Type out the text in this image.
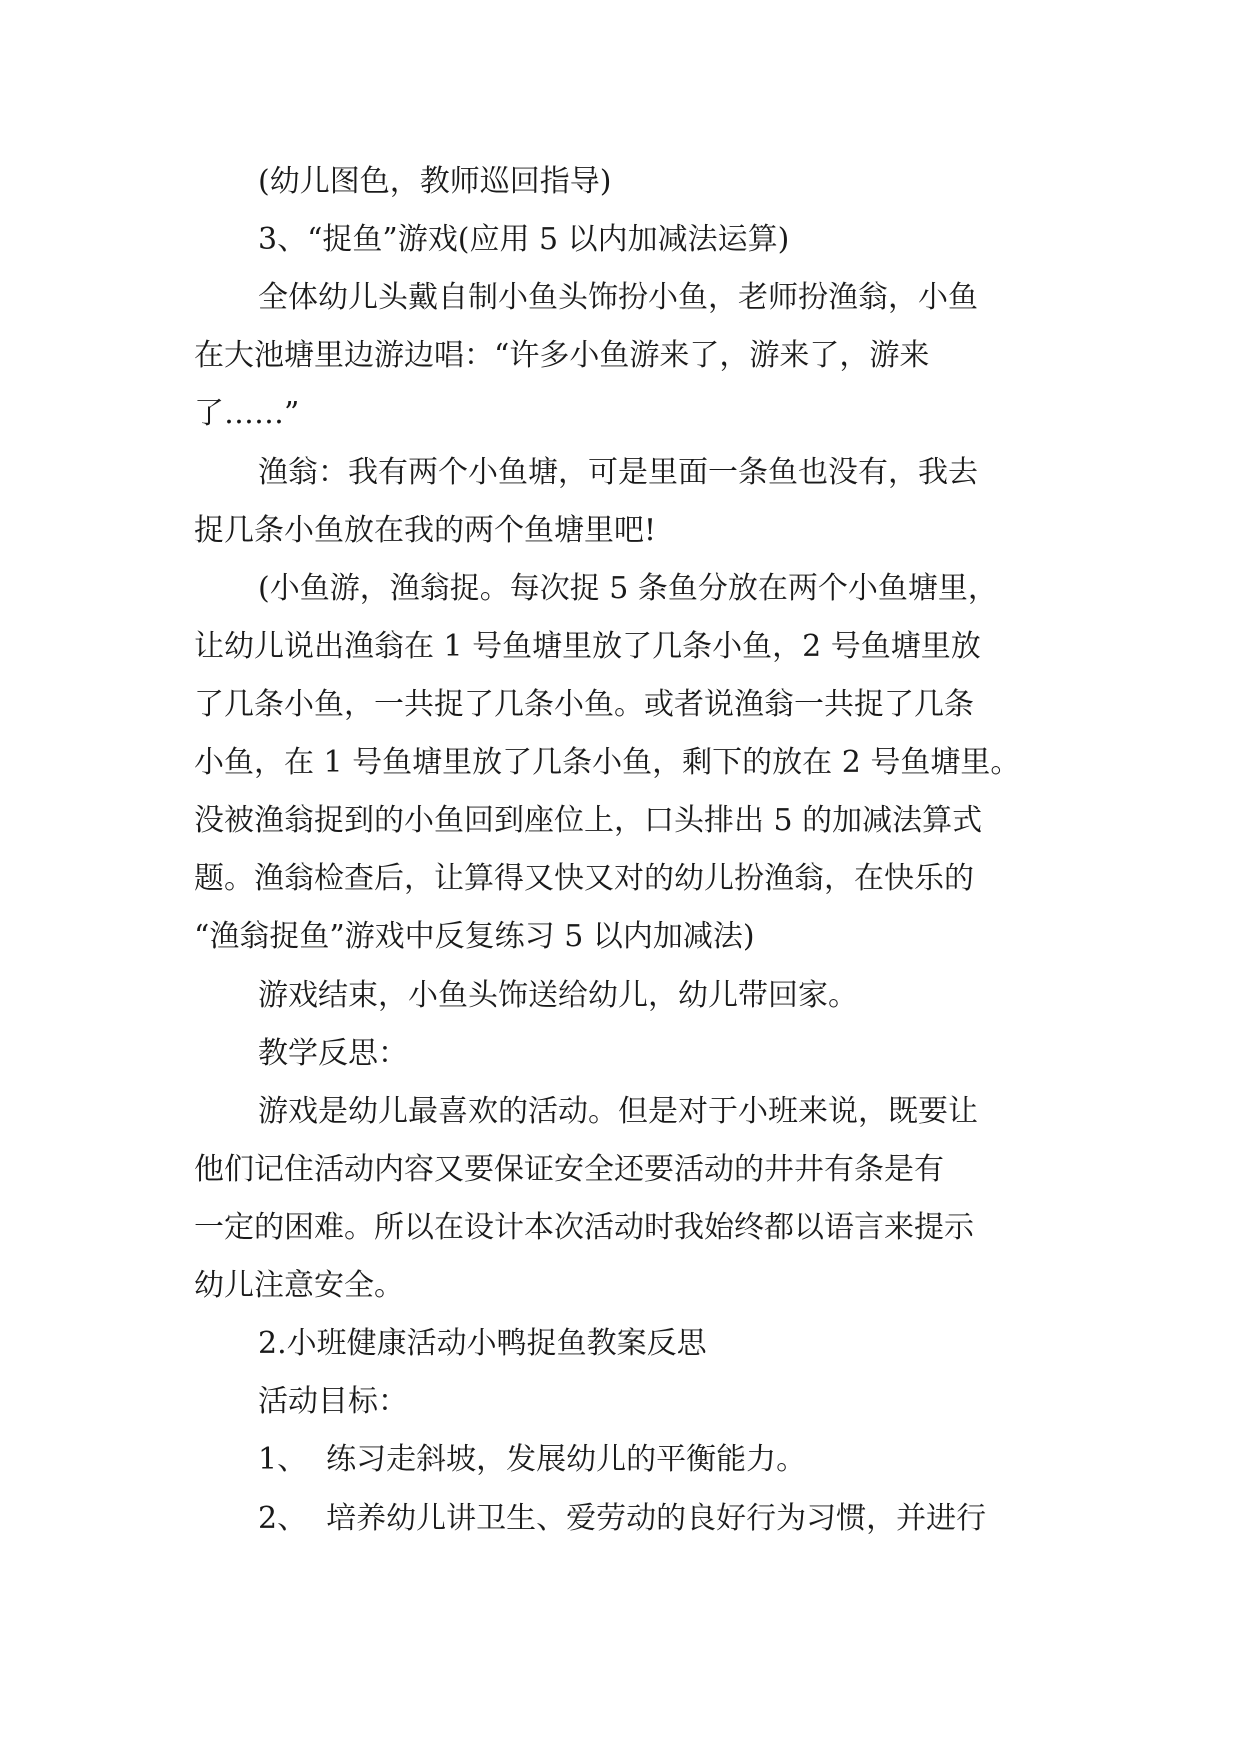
(幼儿图色，教师巡回指导)
3、“捉鱼”游戏(应用 5 以内加减法运算)
全体幼儿头戴自制小鱼头饰扮小鱼，老师扮渔翁，小鱼
在大池塘里边游边唱：“许多小鱼游来了，游来了，游来
了……”
渔翁：我有两个小鱼塘，可是里面一条鱼也没有，我去
捉几条小鱼放在我的两个鱼塘里吧!
(小鱼游，渔翁捉。每次捉 5 条鱼分放在两个小鱼塘里，
让幼儿说出渔翁在 1 号鱼塘里放了几条小鱼，2 号鱼塘里放
了几条小鱼，一共捉了几条小鱼。或者说渔翁一共捉了几条
小鱼，在 1 号鱼塘里放了几条小鱼，剩下的放在 2 号鱼塘里。
没被渔翁捉到的小鱼回到座位上，口头排出 5 的加减法算式
题。渔翁检查后，让算得又快又对的幼儿扮渔翁，在快乐的
“渔翁捉鱼”游戏中反复练习 5 以内加减法)
游戏结束，小鱼头饰送给幼儿，幼儿带回家。
教学反思：
游戏是幼儿最喜欢的活动。但是对于小班来说，既要让
他们记住活动内容又要保证安全还要活动的井井有条是有
一定的困难。所以在设计本次活动时我始终都以语言来提示
幼儿注意安全。
2.小班健康活动小鸭捉鱼教案反思
活动目标：
1、  练习走斜坡，发展幼儿的平衡能力。
2、  培养幼儿讲卫生、爱劳动的良好行为习惯，并进行
